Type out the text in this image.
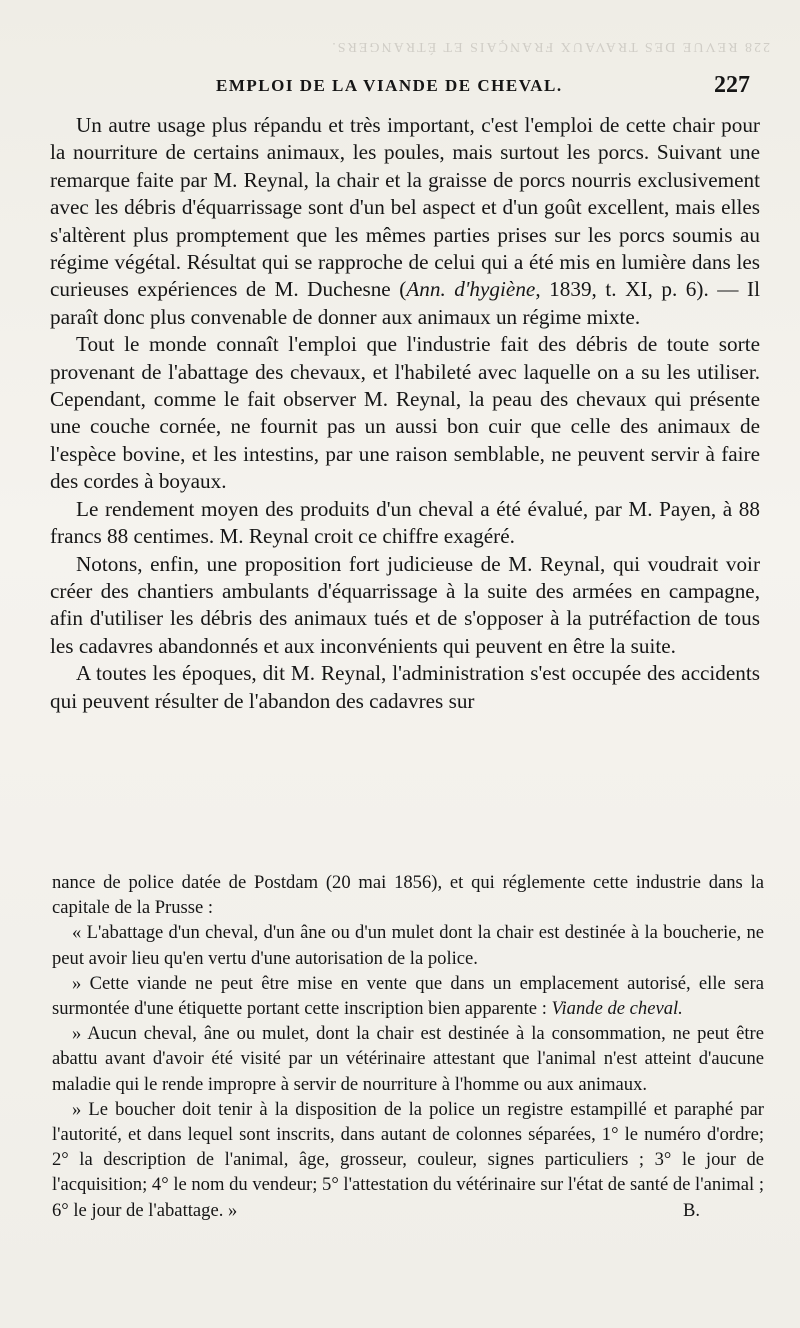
228 REVUE DES TRAVAUX FRANÇAIS ET ÉTRANGERS.
EMPLOI DE LA VIANDE DE CHEVAL.	227

Un autre usage plus répandu et très important, c'est l'emploi de cette chair pour la nourriture de certains animaux, les poules, mais surtout les porcs. Suivant une remarque faite par M. Reynal, la chair et la graisse de porcs nourris exclusivement avec les débris d'équarrissage sont d'un bel aspect et d'un goût excellent, mais elles s'altèrent plus promptement que les mêmes parties prises sur les porcs soumis au régime végétal. Résultat qui se rapproche de celui qui a été mis en lumière dans les curieuses expériences de M. Duchesne (Ann. d'hygiène, 1839, t. XI, p. 6). — Il paraît donc plus convenable de donner aux animaux un régime mixte.

Tout le monde connaît l'emploi que l'industrie fait des débris de toute sorte provenant de l'abattage des chevaux, et l'habileté avec laquelle on a su les utiliser. Cependant, comme le fait observer M. Reynal, la peau des chevaux qui présente une couche cornée, ne fournit pas un aussi bon cuir que celle des animaux de l'espèce bovine, et les intestins, par une raison semblable, ne peuvent servir à faire des cordes à boyaux.

Le rendement moyen des produits d'un cheval a été évalué, par M. Payen, à 88 francs 88 centimes. M. Reynal croit ce chiffre exagéré.

Notons, enfin, une proposition fort judicieuse de M. Reynal, qui voudrait voir créer des chantiers ambulants d'équarrissage à la suite des armées en campagne, afin d'utiliser les débris des animaux tués et de s'opposer à la putréfaction de tous les cadavres abandonnés et aux inconvénients qui peuvent en être la suite.

A toutes les époques, dit M. Reynal, l'administration s'est occupée des accidents qui peuvent résulter de l'abandon des cadavres sur

nance de police datée de Postdam (20 mai 1856), et qui réglemente cette industrie dans la capitale de la Prusse :

« L'abattage d'un cheval, d'un âne ou d'un mulet dont la chair est destinée à la boucherie, ne peut avoir lieu qu'en vertu d'une autorisation de la police.

» Cette viande ne peut être mise en vente que dans un emplacement autorisé, elle sera surmontée d'une étiquette portant cette inscription bien apparente : Viande de cheval.

» Aucun cheval, âne ou mulet, dont la chair est destinée à la consommation, ne peut être abattu avant d'avoir été visité par un vétérinaire attestant que l'animal n'est atteint d'aucune maladie qui le rende impropre à servir de nourriture à l'homme ou aux animaux.

» Le boucher doit tenir à la disposition de la police un registre estampillé et paraphé par l'autorité, et dans lequel sont inscrits, dans autant de colonnes séparées, 1° le numéro d'ordre; 2° la description de l'animal, âge, grosseur, couleur, signes particuliers ; 3° le jour de l'acquisition; 4° le nom du vendeur; 5° l'attestation du vétérinaire sur l'état de santé de l'animal ; 6° le jour de l'abattage. »	B.
